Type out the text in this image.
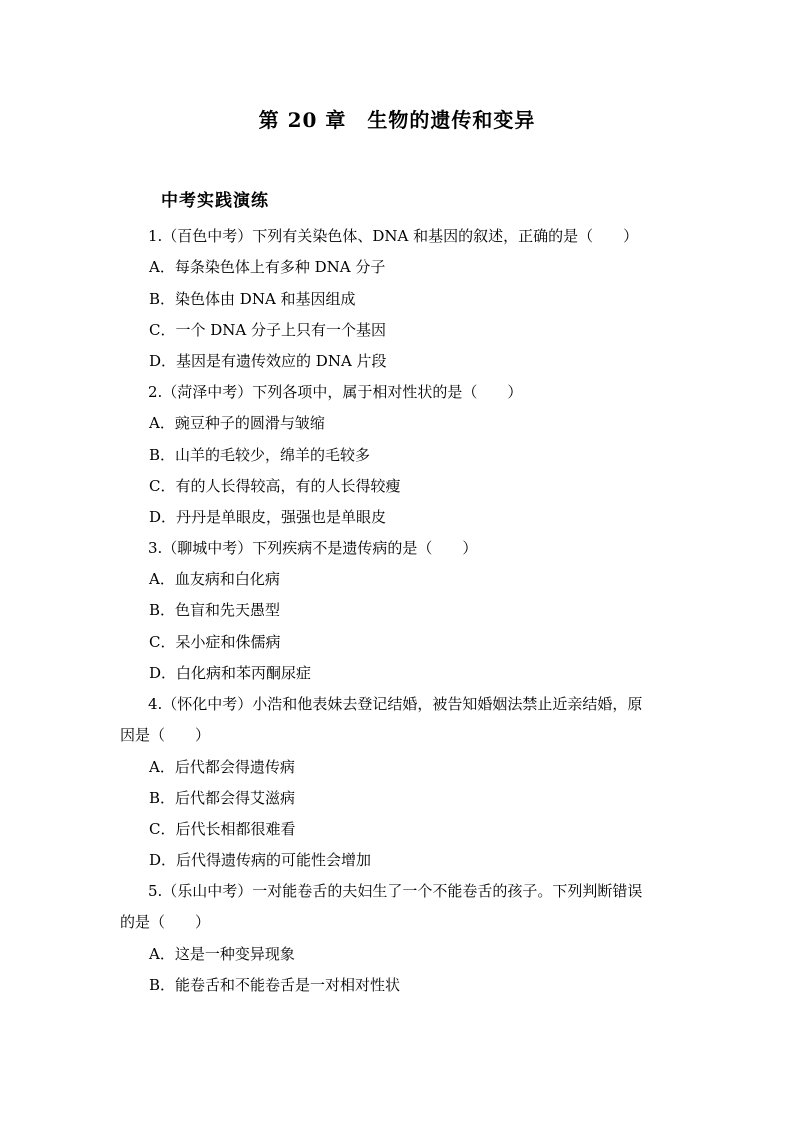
第 20 章　生物的遗传和变异
中考实践演练
1.（百色中考）下列有关染色体、DNA 和基因的叙述，正确的是（　　）
A．每条染色体上有多种 DNA 分子
B．染色体由 DNA 和基因组成
C．一个 DNA 分子上只有一个基因
D．基因是有遗传效应的 DNA 片段
2.（菏泽中考）下列各项中，属于相对性状的是（　　）
A．豌豆种子的圆滑与皱缩
B．山羊的毛较少，绵羊的毛较多
C．有的人长得较高，有的人长得较瘦
D．丹丹是单眼皮，强强也是单眼皮
3.（聊城中考）下列疾病不是遗传病的是（　　）
A．血友病和白化病
B．色盲和先天愚型
C．呆小症和侏儒病
D．白化病和苯丙酮尿症
4.（怀化中考）小浩和他表妹去登记结婚，被告知婚姻法禁止近亲结婚，原
因是（　　）
A．后代都会得遗传病
B．后代都会得艾滋病
C．后代长相都很难看
D．后代得遗传病的可能性会增加
5.（乐山中考）一对能卷舌的夫妇生了一个不能卷舌的孩子。下列判断错误
的是（　　）
A．这是一种变异现象
B．能卷舌和不能卷舌是一对相对性状
